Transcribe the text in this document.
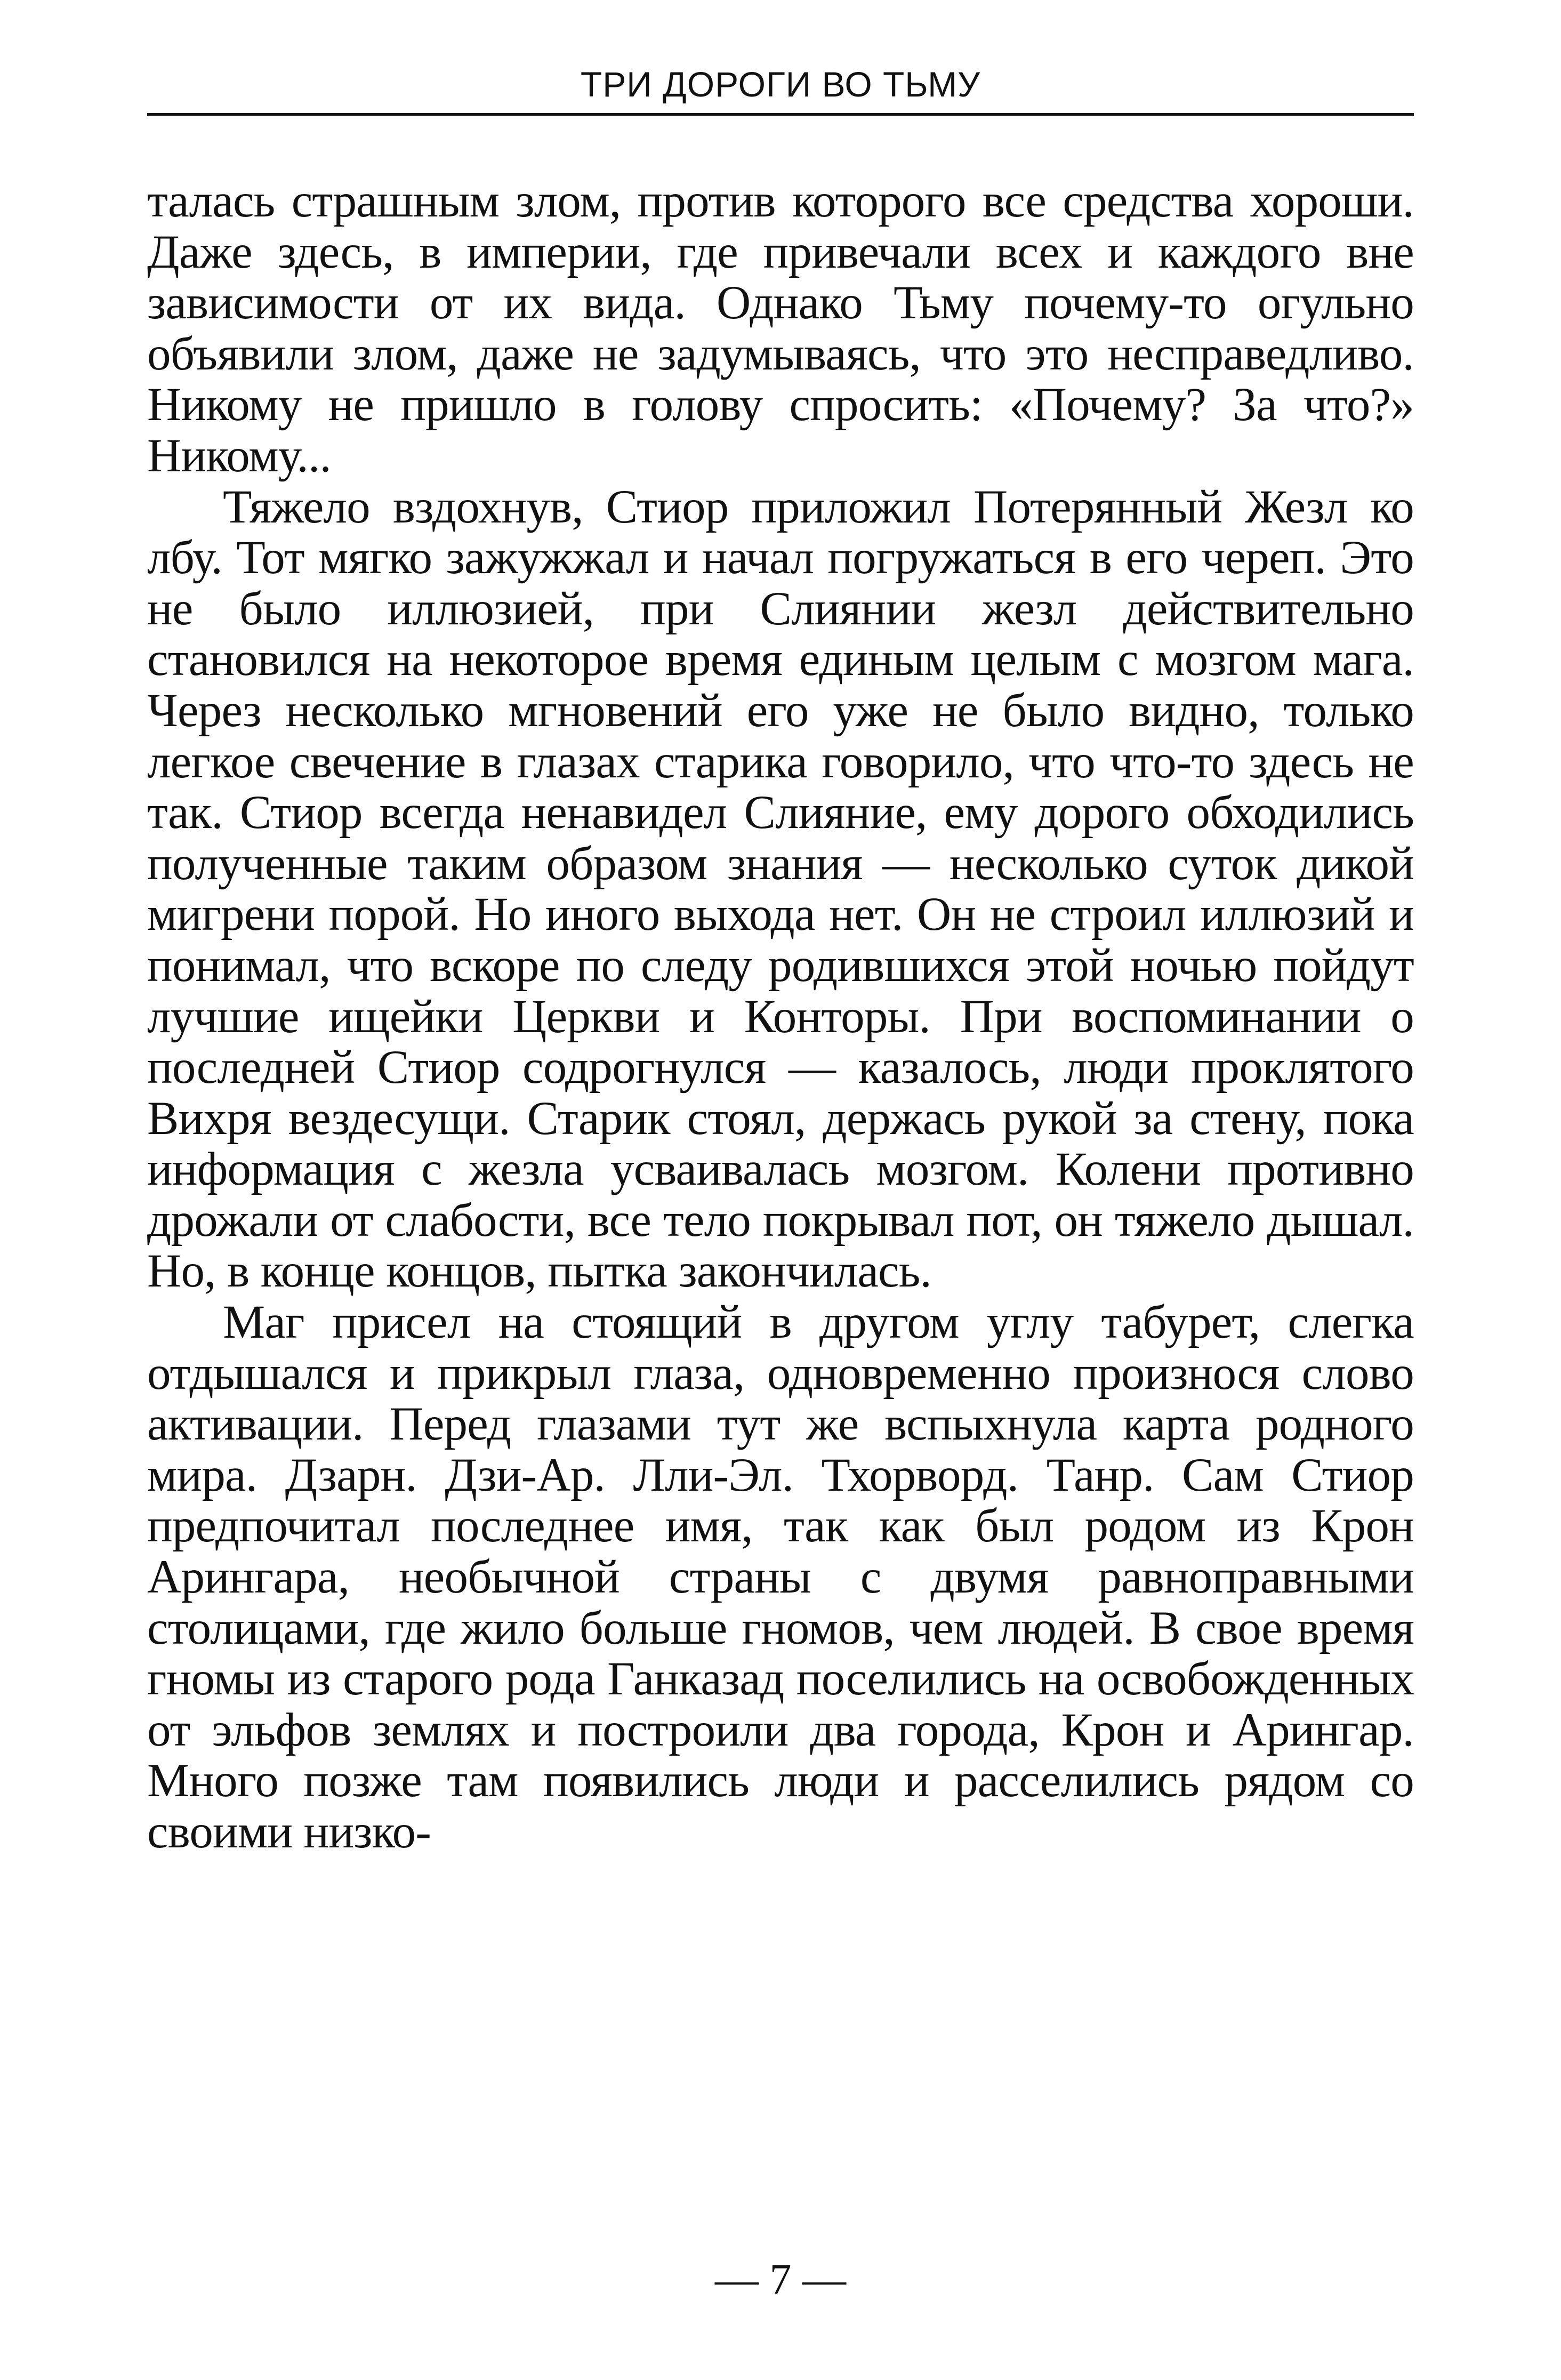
ТРИ ДОРОГИ ВО ТЬМУ

талась страшным злом, против которого все средства хороши. Даже здесь, в империи, где привечали всех и каждого вне зависимости от их вида. Однако Тьму почему-то огульно объявили злом, даже не задумываясь, что это несправедливо. Никому не пришло в голову спросить: «Почему? За что?» Никому...

Тяжело вздохнув, Стиор приложил Потерянный Жезл ко лбу. Тот мягко зажужжал и начал погружаться в его череп. Это не было иллюзией, при Слиянии жезл действительно становился на некоторое время единым целым с мозгом мага. Через несколько мгновений его уже не было видно, только легкое свечение в глазах старика говорило, что что-то здесь не так. Стиор всегда ненавидел Слияние, ему дорого обходились полученные таким образом знания — несколько суток дикой мигрени порой. Но иного выхода нет. Он не строил иллюзий и понимал, что вскоре по следу родившихся этой ночью пойдут лучшие ищейки Церкви и Конторы. При воспоминании о последней Стиор содрогнулся — казалось, люди проклятого Вихря вездесущи. Старик стоял, держась рукой за стену, пока информация с жезла усваивалась мозгом. Колени противно дрожали от слабости, все тело покрывал пот, он тяжело дышал. Но, в конце концов, пытка закончилась.

Маг присел на стоящий в другом углу табурет, слегка отдышался и прикрыл глаза, одновременно произнося слово активации. Перед глазами тут же вспыхнула карта родного мира. Дзарн. Дзи-Ар. Лли-Эл. Тхорворд. Танр. Сам Стиор предпочитал последнее имя, так как был родом из Крон Арингара, необычной страны с двумя равноправными столицами, где жило больше гномов, чем людей. В свое время гномы из старого рода Ганказад поселились на освобожденных от эльфов землях и построили два города, Крон и Арингар. Много позже там появились люди и расселились рядом со своими низко-

— 7 —
